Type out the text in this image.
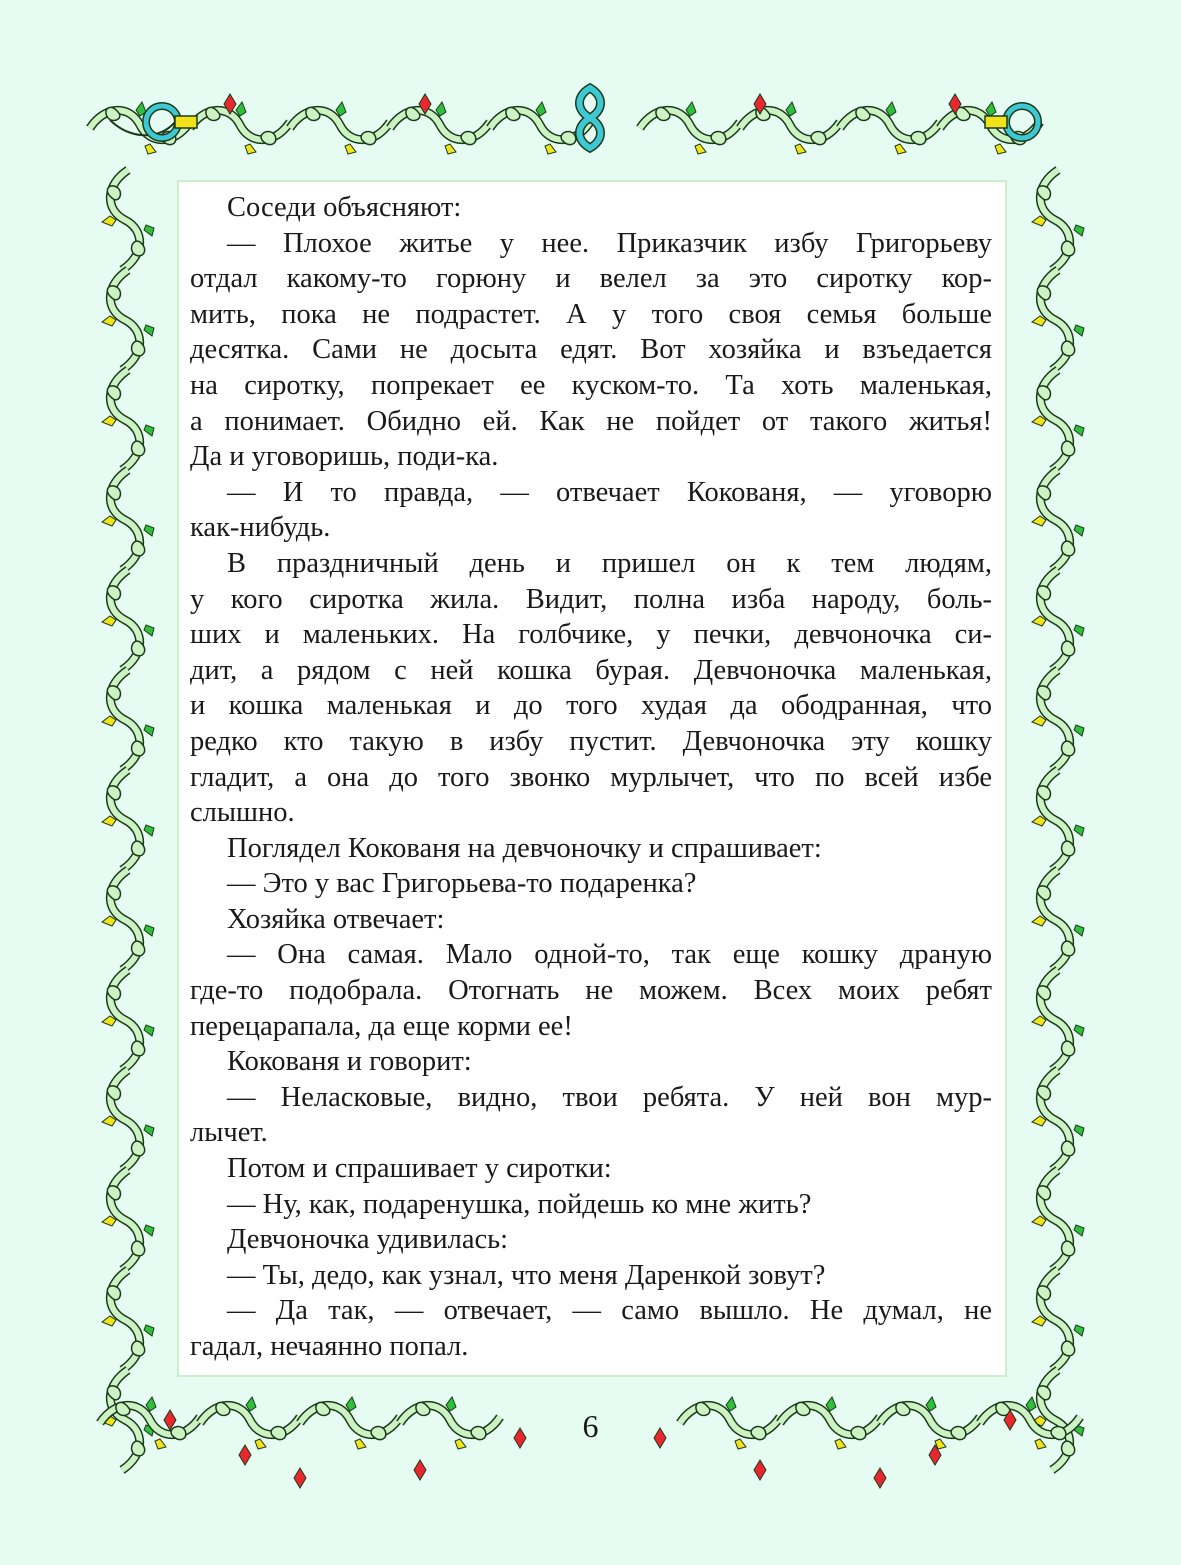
Соседи объясняют:
— Плохое житье у нее. Приказчик избу Григорьеву
отдал какому-то горюну и велел за это сиротку кор-
мить, пока не подрастет. А у того своя семья больше
десятка. Сами не досыта едят. Вот хозяйка и взъедается
на сиротку, попрекает ее куском-то. Та хоть маленькая,
а понимает. Обидно ей. Как не пойдет от такого житья!
Да и уговоришь, поди-ка.
— И то правда, — отвечает Кокованя, — уговорю
как-нибудь.
В праздничный день и пришел он к тем людям,
у кого сиротка жила. Видит, полна изба народу, боль-
ших и маленьких. На голбчике, у печки, девчоночка си-
дит, а рядом с ней кошка бурая. Девчоночка маленькая,
и кошка маленькая и до того худая да ободранная, что
редко кто такую в избу пустит. Девчоночка эту кошку
гладит, а она до того звонко мурлычет, что по всей избе
слышно.
Поглядел Кокованя на девчоночку и спрашивает:
— Это у вас Григорьева-то подаренка?
Хозяйка отвечает:
— Она самая. Мало одной-то, так еще кошку драную
где-то подобрала. Отогнать не можем. Всех моих ребят
перецарапала, да еще корми ее!
Кокованя и говорит:
— Неласковые, видно, твои ребята. У ней вон мур-
лычет.
Потом и спрашивает у сиротки:
— Ну, как, подаренушка, пойдешь ко мне жить?
Девчоночка удивилась:
— Ты, дедо, как узнал, что меня Даренкой зовут?
— Да так, — отвечает, — само вышло. Не думал, не
гадал, нечаянно попал.
6
